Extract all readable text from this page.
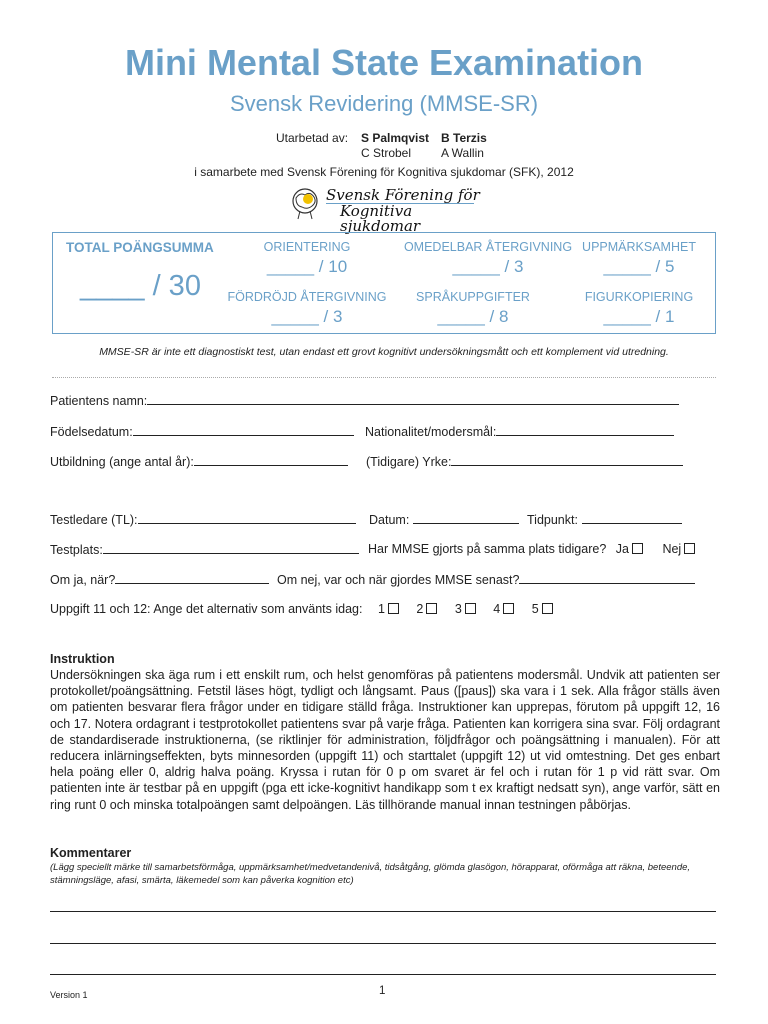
Mini Mental State Examination
Svensk Revidering (MMSE-SR)
Utarbetad av: S Palmqvist
C Strobel
B Terzis
A Wallin
i samarbete med Svensk Förening för Kognitiva sjukdomar (SFK), 2012
Svensk Förening för
Kognitiva sjukdomar
TOTAL POÄNGSUMMA
____ / 30
ORIENTERING
_____ / 10
OMEDELBAR ÅTERGIVNING
_____ / 3
UPPMÄRKSAMHET
_____ / 5
FÖRDRÖJD ÅTERGIVNING
_____ / 3
SPRÅKUPPGIFTER
_____ / 8
FIGURKOPIERING
_____ / 1
MMSE-SR är inte ett diagnostiskt test, utan endast ett grovt kognitivt undersökningsmått och ett komplement vid utredning.
Patientens namn:
Födelsedatum:	Nationalitet/modersmål:
Utbildning (ange antal år):	(Tidigare) Yrke:
Testledare (TL):	Datum:	Tidpunkt:
Testplats:	Har MMSE gjorts på samma plats tidigare? Ja	Nej
Om ja, när?	Om nej, var och när gjordes MMSE senast?
Uppgift 11 och 12: Ange det alternativ som använts idag: 1	2	3	4	5
Instruktion
Undersökningen ska äga rum i ett enskilt rum, och helst genomföras på patientens modersmål. Undvik att patienten ser protokollet/poängsättning. Fetstil läses högt, tydligt och långsamt. Paus ([paus]) ska vara i 1 sek. Alla frågor ställs även om patienten besvarar flera frågor under en tidigare ställd fråga. Instruktioner kan upprepas, förutom på uppgift 12, 16 och 17. Notera ordagrant i testprotokollet patientens svar på varje fråga. Patienten kan korrigera sina svar. Följ ordagrant de standardiserade instruktionerna, (se riktlinjer för administration, följdfrågor och poängsättning i manualen). För att reducera inlärningseffekten, byts minnesorden (uppgift 11) och starttalet (uppgift 12) ut vid omtestning. Det ges enbart hela poäng eller 0, aldrig halva poäng. Kryssa i rutan för 0 p om svaret är fel och i rutan för 1 p vid rätt svar. Om patienten inte är testbar på en uppgift (pga ett icke-kognitivt handikapp som t ex kraftigt nedsatt syn), ange varför, sätt en ring runt 0 och minska totalpoängen samt delpoängen. Läs tillhörande manual innan testningen påbörjas.
Kommentarer
(Lägg speciellt märke till samarbetsförmåga, uppmärksamhet/medvetandenivå, tidsåtgång, glömda glasögon, hörapparat, oförmåga att räkna, beteende, stämningsläge, afasi, smärta, läkemedel som kan påverka kognition etc)
Version 1	1
